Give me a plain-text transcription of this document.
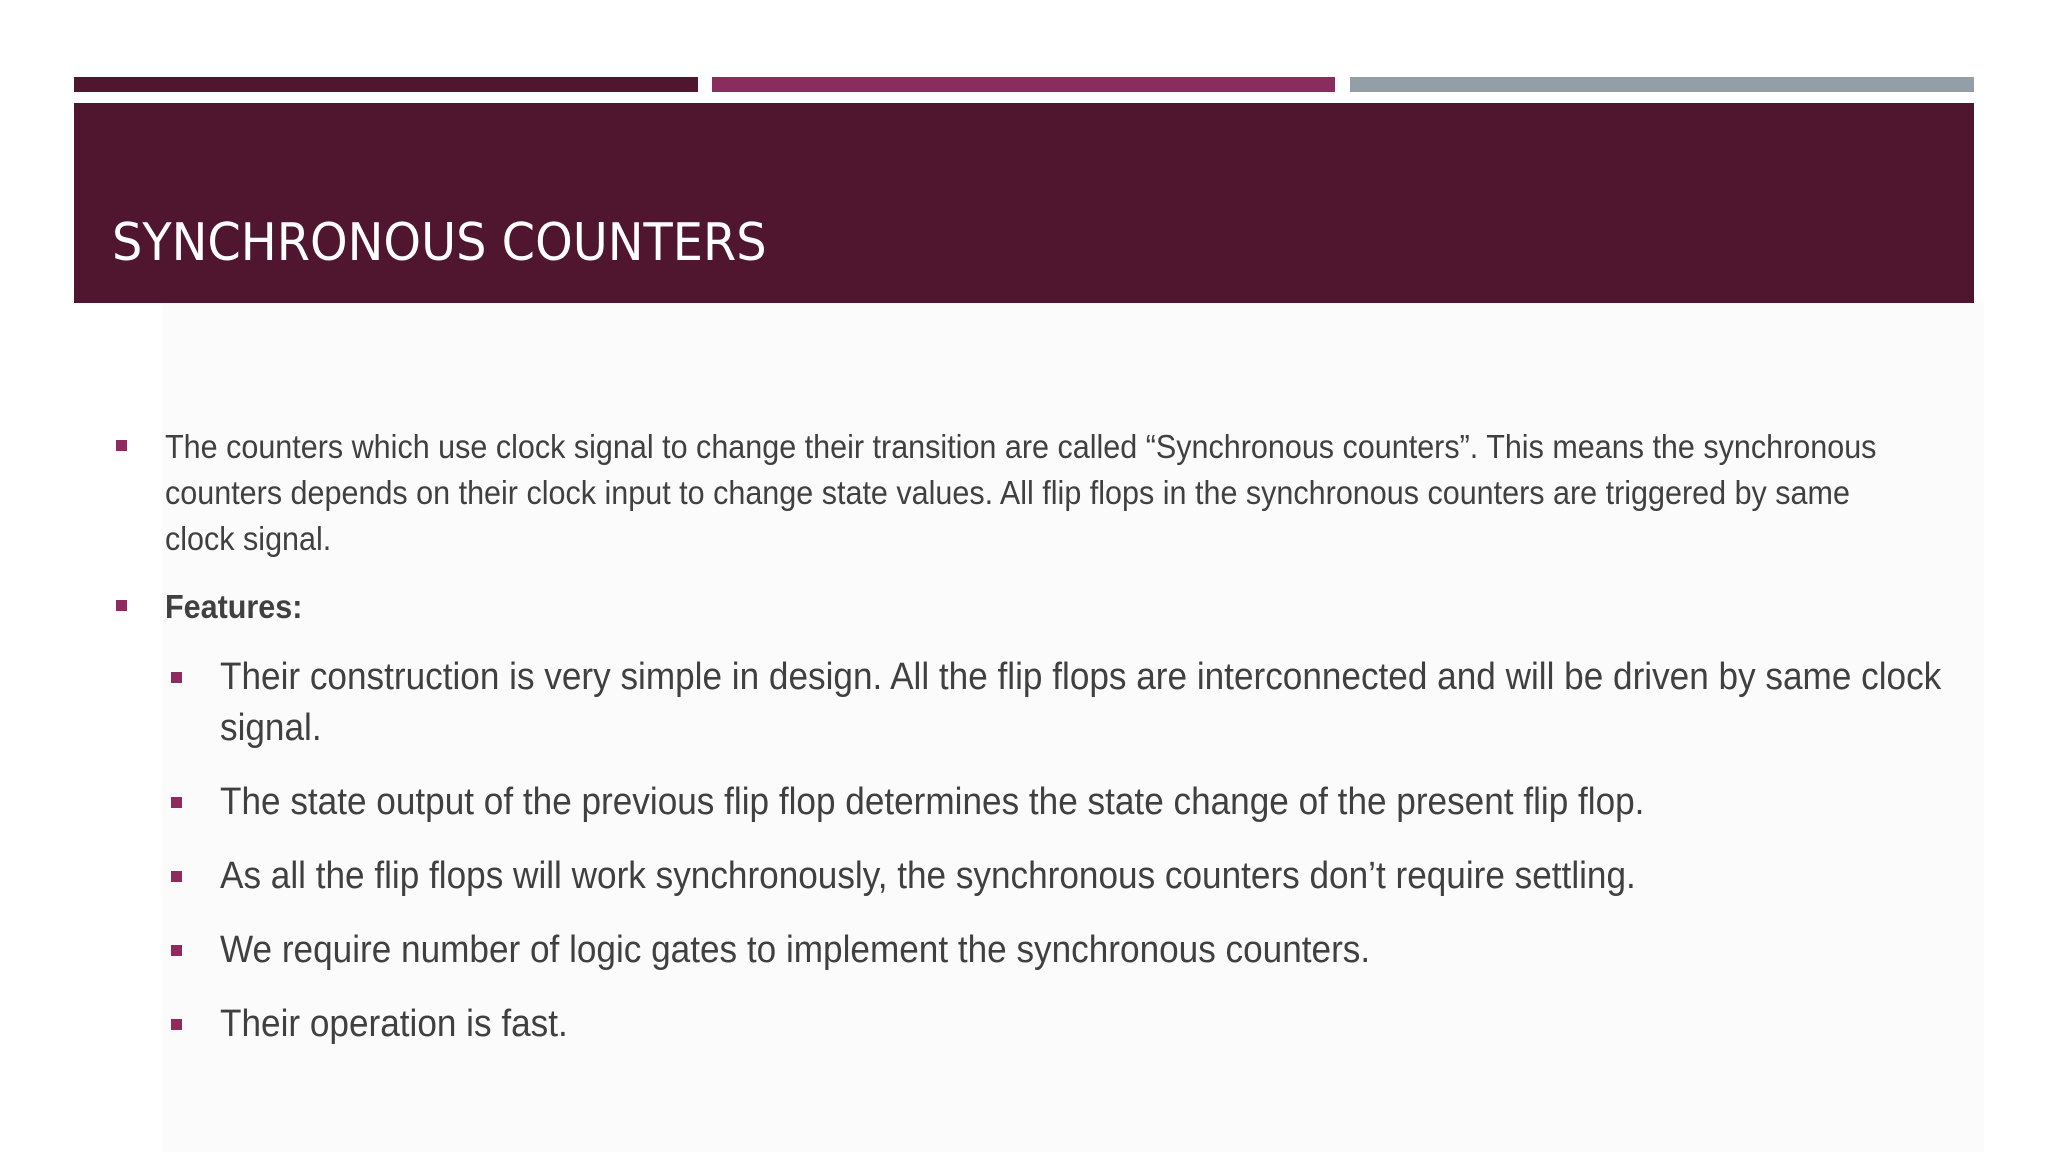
SYNCHRONOUS COUNTERS
The counters which use clock signal to change their transition are called “Synchronous counters”. This means the synchronous counters depends on their clock input to change state values. All flip flops in the synchronous counters are triggered by same clock signal.
Features:
Their construction is very simple in design. All the flip flops are interconnected and will be driven by same clock signal.
The state output of the previous flip flop determines the state change of the present flip flop.
As all the flip flops will work synchronously, the synchronous counters don’t require settling.
We require number of logic gates to implement the synchronous counters.
Their operation is fast.
